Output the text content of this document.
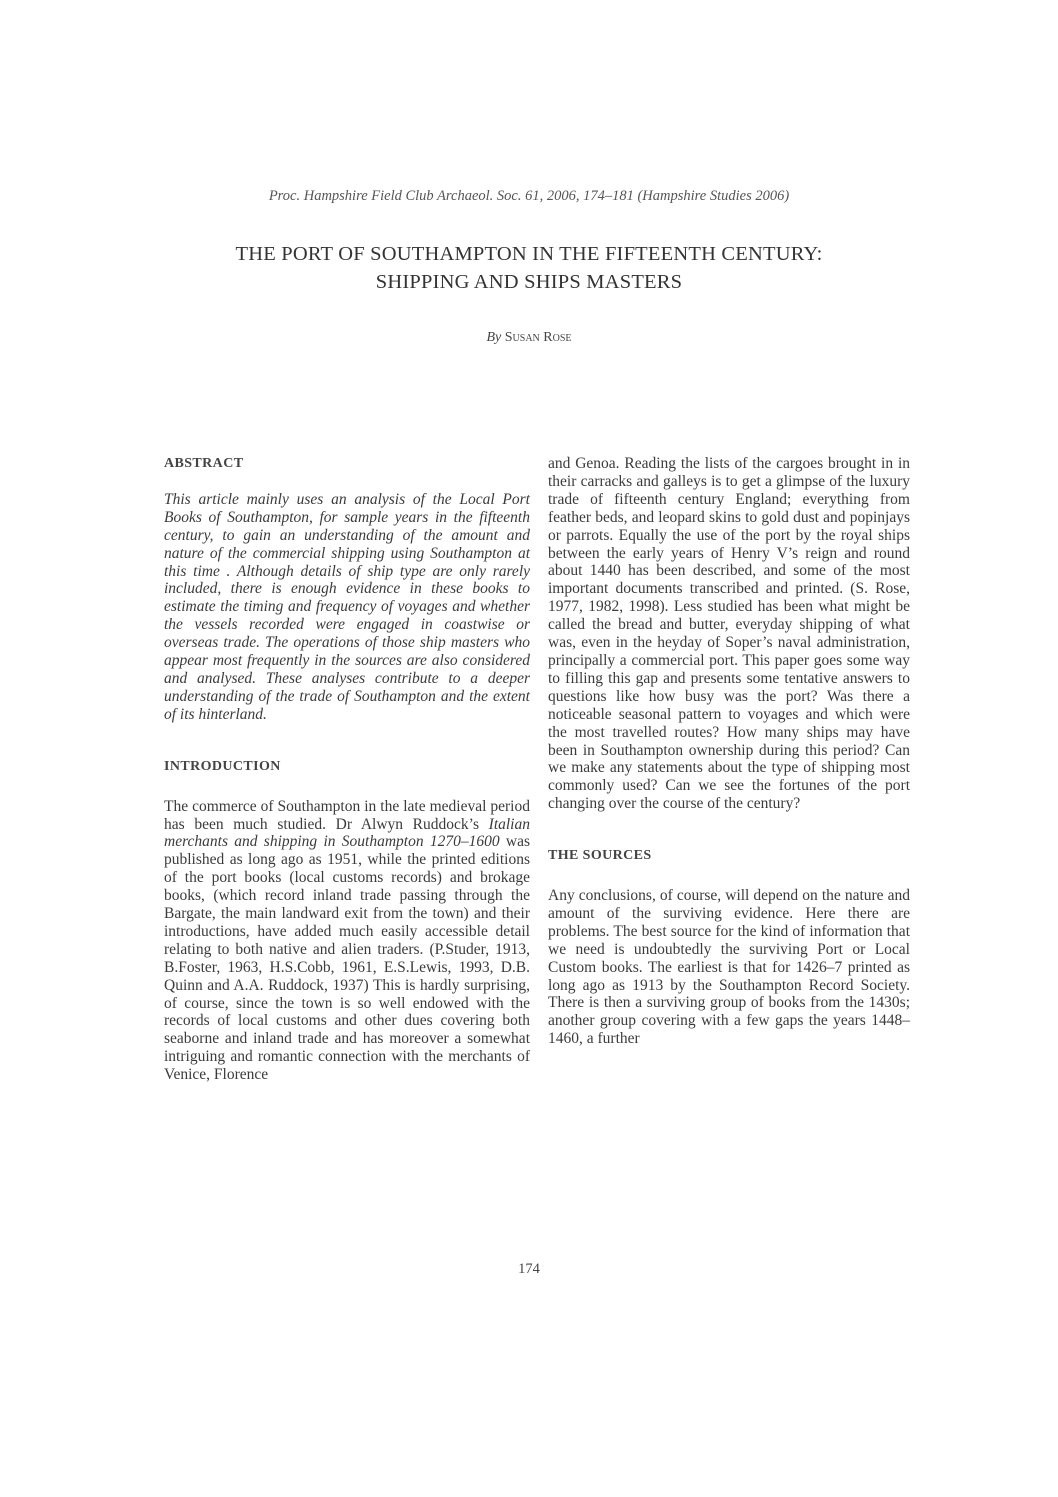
Proc. Hampshire Field Club Archaeol. Soc. 61, 2006, 174–181 (Hampshire Studies 2006)
THE PORT OF SOUTHAMPTON IN THE FIFTEENTH CENTURY:
SHIPPING AND SHIPS MASTERS
By Susan Rose
ABSTRACT

This article mainly uses an analysis of the Local Port Books of Southampton, for sample years in the fifteenth century, to gain an understanding of the amount and nature of the commercial shipping using Southampton at this time . Although details of ship type are only rarely included, there is enough evidence in these books to estimate the timing and frequency of voyages and whether the vessels recorded were engaged in coastwise or overseas trade. The operations of those ship masters who appear most frequently in the sources are also considered and analysed. These analyses contribute to a deeper understanding of the trade of Southampton and the extent of its hinterland.

INTRODUCTION

The commerce of Southampton in the late medieval period has been much studied. Dr Alwyn Ruddock’s Italian merchants and shipping in Southampton 1270–1600 was published as long ago as 1951, while the printed editions of the port books (local customs records) and brokage books, (which record inland trade passing through the Bargate, the main landward exit from the town) and their introductions, have added much easily accessible detail relating to both native and alien traders. (P.Studer, 1913, B.Foster, 1963, H.S.Cobb, 1961, E.S.Lewis, 1993, D.B. Quinn and A.A. Ruddock, 1937) This is hardly surprising, of course, since the town is so well endowed with the records of local customs and other dues covering both seaborne and inland trade and has moreover a somewhat intriguing and romantic connection with the merchants of Venice, Florence

and Genoa. Reading the lists of the cargoes brought in in their carracks and galleys is to get a glimpse of the luxury trade of fifteenth century England; everything from feather beds, and leopard skins to gold dust and popinjays or parrots. Equally the use of the port by the royal ships between the early years of Henry V’s reign and round about 1440 has been described, and some of the most important documents transcribed and printed. (S. Rose, 1977, 1982, 1998). Less studied has been what might be called the bread and butter, everyday shipping of what was, even in the heyday of Soper’s naval administration, principally a commercial port. This paper goes some way to filling this gap and presents some tentative answers to questions like how busy was the port? Was there a noticeable seasonal pattern to voyages and which were the most travelled routes? How many ships may have been in Southampton ownership during this period? Can we make any statements about the type of shipping most commonly used? Can we see the fortunes of the port changing over the course of the century?

THE SOURCES

Any conclusions, of course, will depend on the nature and amount of the surviving evidence. Here there are problems. The best source for the kind of information that we need is undoubtedly the surviving Port or Local Custom books. The earliest is that for 1426–7 printed as long ago as 1913 by the Southampton Record Society. There is then a surviving group of books from the 1430s; another group covering with a few gaps the years 1448–1460, a further

174
